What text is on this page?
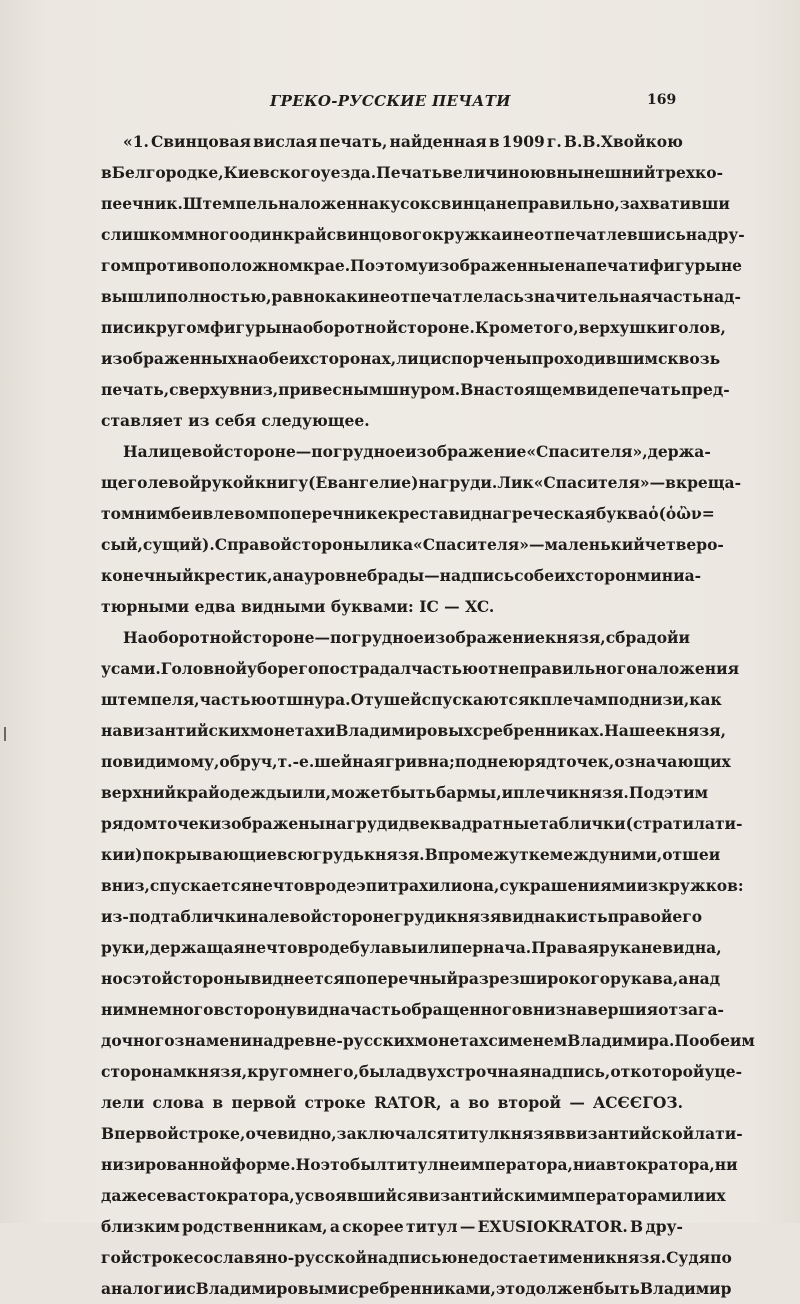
ГРЕКО-РУССКИЕ ПЕЧАТИ	169
«1. Свинцовая вислая печать, найденная в 1909 г. В.В.Хвойкою
в Белгородке, Киевского уезда. Печать величиною в нынешний трехко-
пеечник. Штемпель наложен на кусок свинца неправильно, захвативши
слишком много один край свинцового кружка и не отпечатлевшись на дру-
гом противоположном крае. Поэтому изображенные на печати фигуры не
вышли полностью, равно как и не отпечатлелась значительная часть над-
писи кругом фигуры на оборотной стороне. Кроме того, верхушки голов,
изображенных на обеих сторонах, лиц испорчены проходившим сквозь
печать, сверху вниз, привесным шнуром. В настоящем виде печать пред-
ставляет из себя следующее.
На лицевой стороне—погрудное изображение «Спасителя», держа-
щего левой рукой книгу (Евангелие) на груди. Лик «Спасителя»—в креща-
том нимбе и в левом поперечнике креста видна греческая буква ὁ (ὁ ὢν =
сый, сущий). С правой стороны лика «Спасителя» — маленький четверо-
конечный крестик, а на уровне брады — надпись с обеих сторон миниа-
тюрными едва видными буквами: IC — XC.
На оборотной стороне—погрудное изображение князя, с брадой и
усами. Головной убор его пострадал частью от неправильного наложения
штемпеля, частью от шнура. От ушей спускаются к плечам поднизи, как
на византийских монетах и Владимировых сребренниках. На шее князя,
повидимому, обруч, т.-е. шейная гривна; под нею ряд точек, означающих
верхний край одежды или, может быть бармы, и плечи князя. Под этим
рядом точек изображены на груди две квадратные таблички (стратилати-
кии) покрывающие всю грудь князя. В промежутке между ними, от шеи
вниз, спускается нечто в роде эпитрахилиона, с украшениями из кружков:
из-под таблички на левой стороне груди князя видна кисть правой его
руки, держащая нечто в роде булавы или пернача. Правая рука не видна,
но с этой стороны виднеется поперечный разрез широкого рукава, а над
ним немного в сторону видна часть обращенного вниз навершия от зага-
дочного знамени на древне-русских монетах с именем Владимира. По обеим
сторонам князя, кругом него, была двухстрочная надпись, от которой уце-
лели слова в первой строке RATOR, а во второй — ACЄЄГОЗ.
В первой строке, очевидно, заключался титул князя в византийской лати-
низированной форме. Но это был титул не императора, ни автократора, ни
даже севастократора, усвоявшийся византийским императорам или их
близким родственникам, а скорее титул — EXUSIOKRATOR. В дру-
гой строке со славяно-русской надписью недостает имени князя. Судя по
аналогии с Владимировыми сребренниками, это должен быть Владимир
